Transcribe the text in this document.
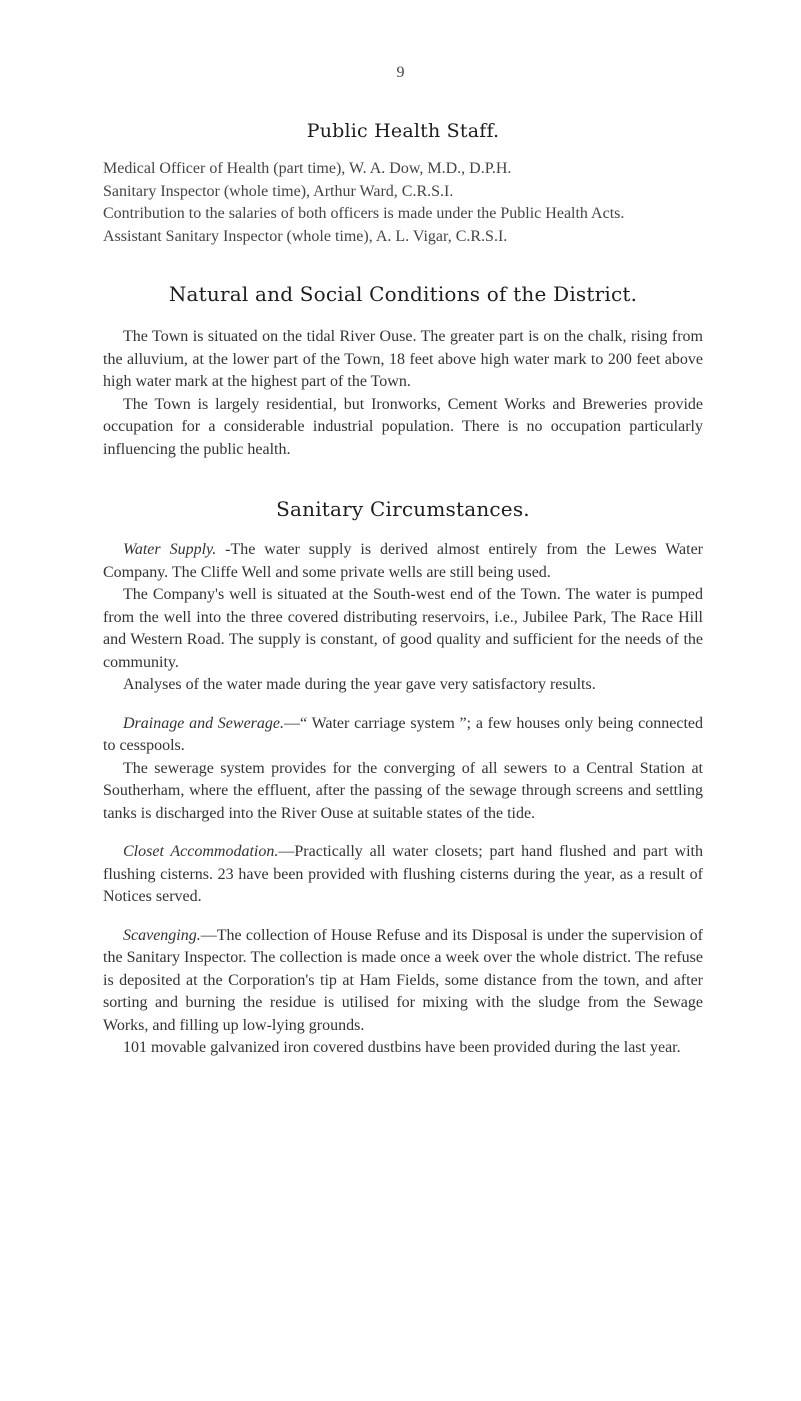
9
Public Health Staff.
Medical Officer of Health (part time), W. A. Dow, M.D., D.P.H.
Sanitary Inspector (whole time), Arthur Ward, C.R.S.I.
Contribution to the salaries of both officers is made under the Public Health Acts.
Assistant Sanitary Inspector (whole time), A. L. Vigar, C.R.S.I.
Natural and Social Conditions of the District.

The Town is situated on the tidal River Ouse. The greater part is on the chalk, rising from the alluvium, at the lower part of the Town, 18 feet above high water mark to 200 feet above high water mark at the highest part of the Town.

The Town is largely residential, but Ironworks, Cement Works and Breweries provide occupation for a considerable industrial population. There is no occupation particularly influencing the public health.

Sanitary Circumstances.

Water Supply. -The water supply is derived almost entirely from the Lewes Water Company. The Cliffe Well and some private wells are still being used.

The Company's well is situated at the South-west end of the Town. The water is pumped from the well into the three covered distributing reservoirs, i.e., Jubilee Park, The Race Hill and Western Road. The supply is constant, of good quality and sufficient for the needs of the community.

Analyses of the water made during the year gave very satisfactory results.

Drainage and Sewerage.—“ Water carriage system ”; a few houses only being connected to cesspools.

The sewerage system provides for the converging of all sewers to a Central Station at Southerham, where the effluent, after the passing of the sewage through screens and settling tanks is discharged into the River Ouse at suitable states of the tide.

Closet Accommodation.—Practically all water closets; part hand flushed and part with flushing cisterns. 23 have been provided with flushing cisterns during the year, as a result of Notices served.

Scavenging.—The collection of House Refuse and its Disposal is under the supervision of the Sanitary Inspector. The collection is made once a week over the whole district. The refuse is deposited at the Corporation's tip at Ham Fields, some distance from the town, and after sorting and burning the residue is utilised for mixing with the sludge from the Sewage Works, and filling up low-lying grounds.

101 movable galvanized iron covered dustbins have been provided during the last year.
